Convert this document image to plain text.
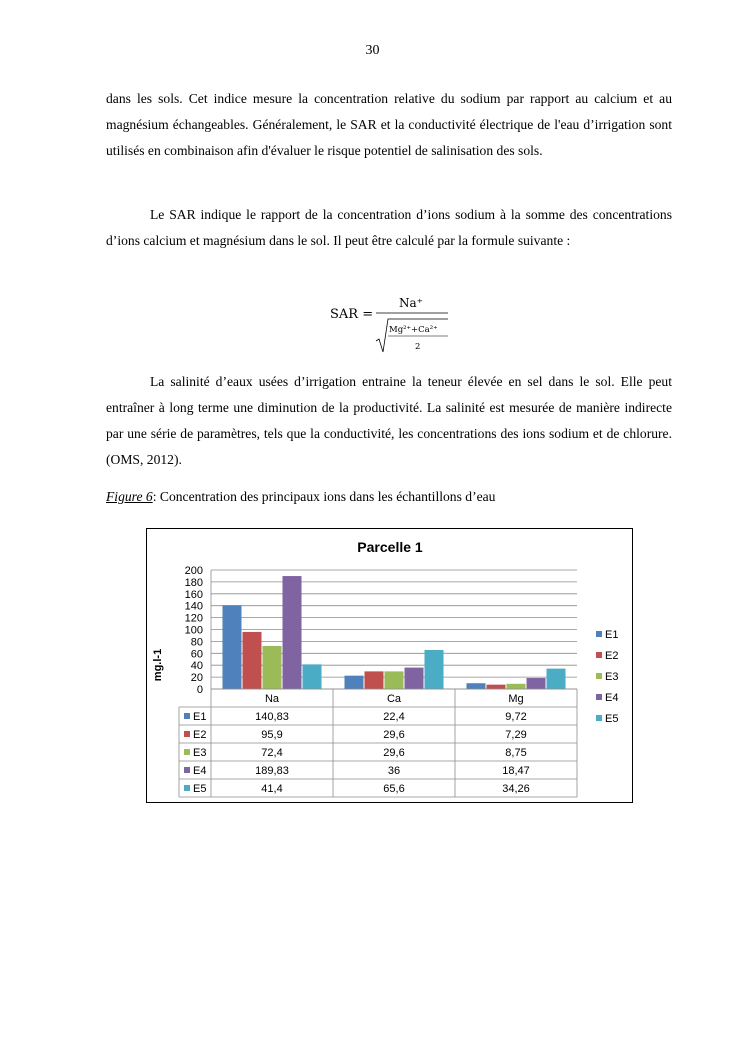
30

dans les sols. Cet indice mesure la concentration relative du sodium par rapport au calcium et au magnésium échangeables. Généralement, le SAR et la conductivité électrique de l'eau d’irrigation sont utilisés en combinaison afin d'évaluer le risque potentiel de salinisation des sols.

Le SAR indique le rapport de la concentration d’ions sodium à la somme des concentrations d’ions calcium et magnésium dans le sol. Il peut être calculé par la formule suivante :

SAR =
Na⁺
Mg²⁺+Ca²⁺
2

La salinité d’eaux usées d’irrigation entraine la teneur élevée en sel dans le sol. Elle peut entraîner à long terme une diminution de la productivité. La salinité est mesurée de manière indirecte par une série de paramètres, tels que la conductivité, les concentrations des ions sodium et de chlorure. (OMS, 2012).

Figure 6: Concentration des principaux ions dans les échantillons d’eau
Parcelle 1
0
20
40
60
80
100
120
140
160
180
200
mg.l-1
Na	Ca	Mg
E1	140,83	22,4	9,72
E2	95,9	29,6	7,29
E3	72,4	29,6	8,75
E4	189,83	36	18,47
E5	41,4	65,6	34,26
E1
E2
E3
E4
E5
